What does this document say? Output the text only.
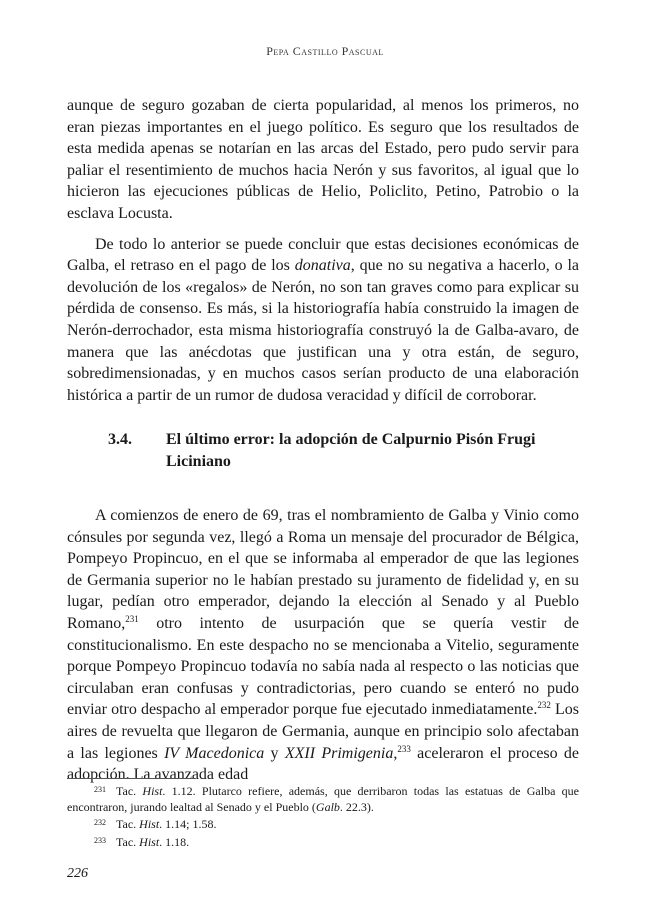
Pepa Castillo Pascual

aunque de seguro gozaban de cierta popularidad, al menos los primeros, no eran piezas importantes en el juego político. Es seguro que los resultados de esta medida apenas se notarían en las arcas del Estado, pero pudo servir para paliar el resentimiento de muchos hacia Nerón y sus favoritos, al igual que lo hicieron las ejecuciones públicas de Helio, Policlito, Petino, Patrobio o la esclava Locusta.

De todo lo anterior se puede concluir que estas decisiones económicas de Galba, el retraso en el pago de los donativa, que no su negativa a hacerlo, o la devolución de los «regalos» de Nerón, no son tan graves como para explicar su pérdida de consenso. Es más, si la historiografía había construido la imagen de Nerón-derrochador, esta misma historiografía construyó la de Galba-avaro, de manera que las anécdotas que justifican una y otra están, de seguro, sobredimensionadas, y en muchos casos serían producto de una elaboración histórica a partir de un rumor de dudosa veracidad y difícil de corroborar.

3.4. El último error: la adopción de Calpurnio Pisón Frugi Liciniano

A comienzos de enero de 69, tras el nombramiento de Galba y Vinio como cónsules por segunda vez, llegó a Roma un mensaje del procurador de Bélgica, Pompeyo Propincuo, en el que se informaba al emperador de que las legiones de Germania superior no le habían prestado su juramento de fidelidad y, en su lugar, pedían otro emperador, dejando la elección al Senado y al Pueblo Romano,$^{231}$ otro intento de usurpación que se quería vestir de constitucionalismo. En este despacho no se mencionaba a Vitelio, seguramente porque Pompeyo Propincuo todavía no sabía nada al respecto o las noticias que circulaban eran confusas y contradictorias, pero cuando se enteró no pudo enviar otro despacho al emperador porque fue ejecutado inmediatamente.$^{232}$ Los aires de revuelta que llegaron de Germania, aunque en principio solo afectaban a las legiones IV Macedonica y XXII Primigenia,$^{233}$ aceleraron el proceso de adopción. La avanzada edad

231 Tac. Hist. 1.12. Plutarco refiere, además, que derribaron todas las estatuas de Galba que encontraron, jurando lealtad al Senado y el Pueblo (Galb. 22.3).

232 Tac. Hist. 1.14; 1.58.

233 Tac. Hist. 1.18.

226
